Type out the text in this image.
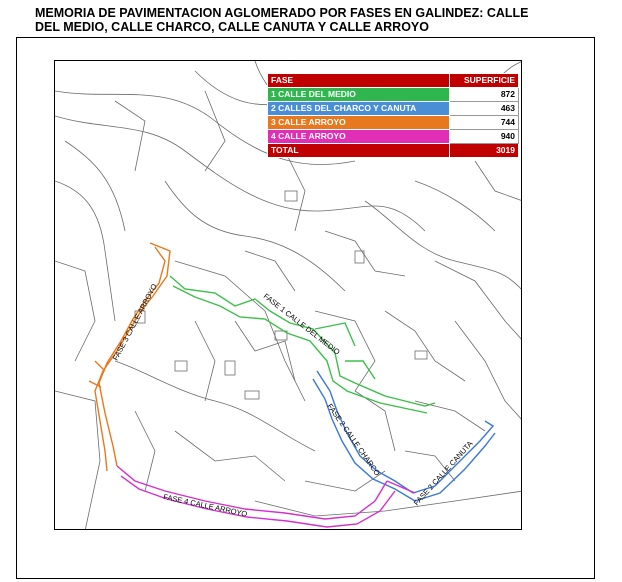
MEMORIA DE PAVIMENTACION AGLOMERADO POR FASES EN GALINDEZ: CALLE
DEL MEDIO, CALLE CHARCO, CALLE CANUTA Y CALLE ARROYO
FASE 1 CALLE DEL MEDIO
FASE 2 CALLE CHARCO	FASE 2 CALLE CANUTA
FASE 3 CALLE ARROYO
FASE 4 CALLE ARROYO
FASE	SUPERFICIE
1 CALLE DEL MEDIO	872
2 CALLES DEL CHARCO Y CANUTA	463
3 CALLE ARROYO	744
4 CALLE ARROYO	940
TOTAL	3019
